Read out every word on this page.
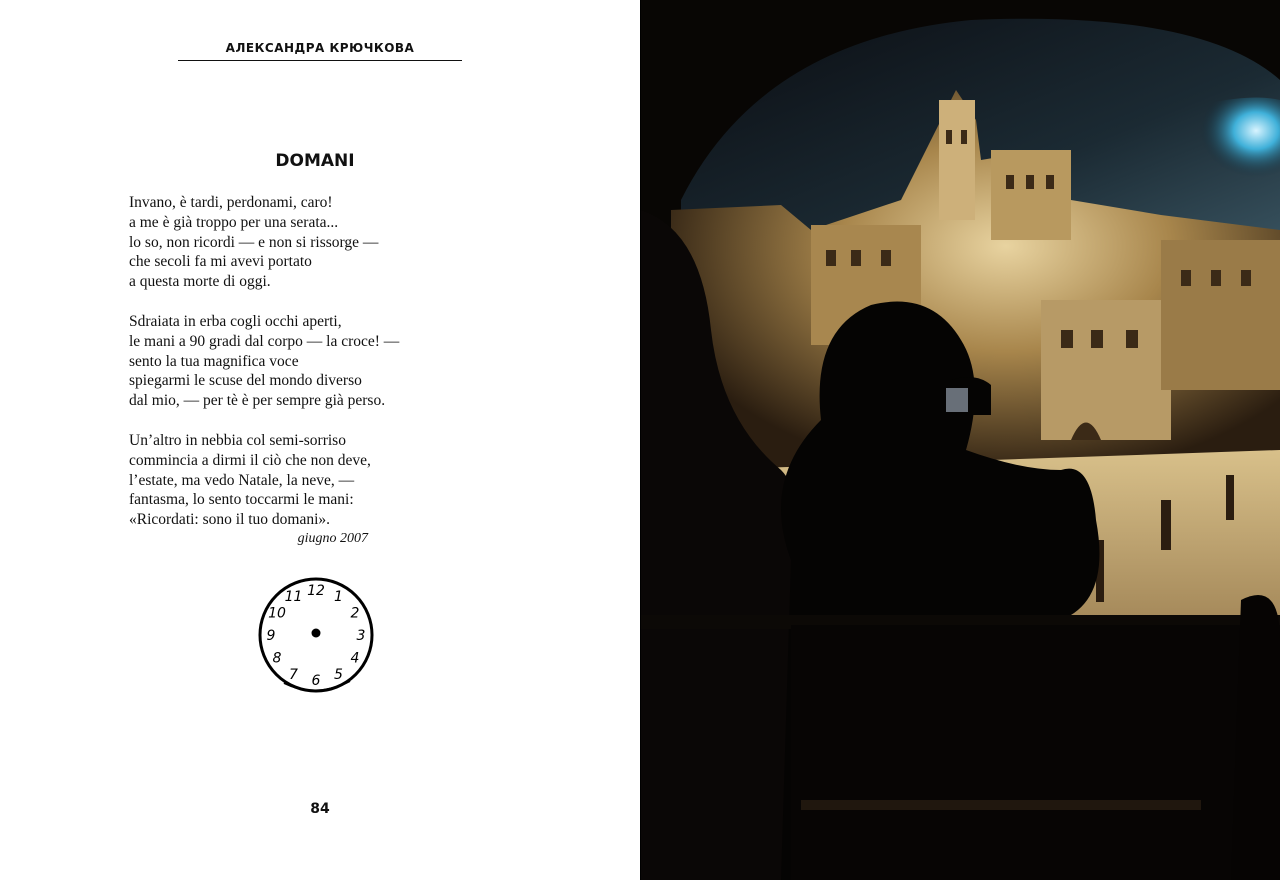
АЛЕКСАНДРА КРЮЧКОВА
DOMANI
Invano, è tardi, perdonami, caro!
a me è già troppo per una serata...
lo so, non ricordi — e non si rissorge —
che secoli fa mi avevi portato
a questa morte di oggi.
Sdraiata in erba cogli occhi aperti,
le mani a 90 gradi dal corpo — la croce! —
sento la tua magnifica voce
spiegarmi le scuse del mondo diverso
dal mio, — per tè è per sempre già perso.
Un’altro in nebbia col semi-sorriso
commincia a dirmi il ciò che non deve,
l’estate, ma vedo Natale, la neve, —
fantasma, lo sento toccarmi le mani:
«Ricordati: sono il tuo domani».
giugno 2007
12 1
2
3
4
5
6
7
8
9
10
11
84
